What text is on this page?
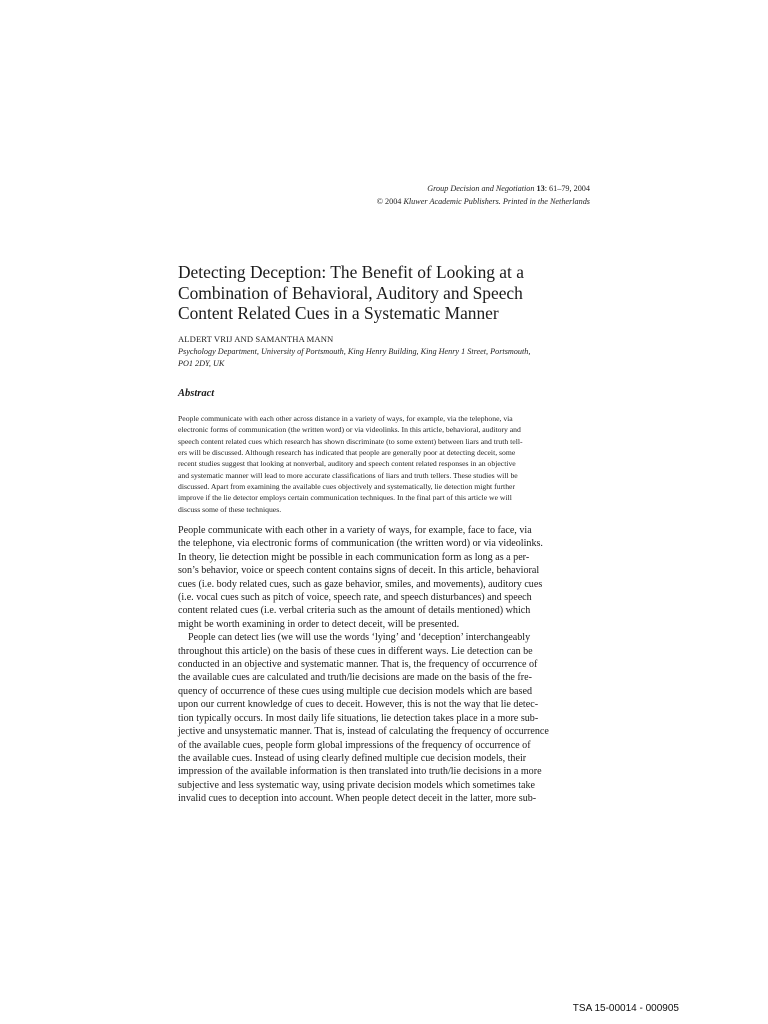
Group Decision and Negotiation 13: 61–79, 2004
© 2004 Kluwer Academic Publishers. Printed in the Netherlands
Detecting Deception: The Benefit of Looking at a
Combination of Behavioral, Auditory and Speech
Content Related Cues in a Systematic Manner
ALDERT VRIJ AND SAMANTHA MANN
Psychology Department, University of Portsmouth, King Henry Building, King Henry 1 Street, Portsmouth,
PO1 2DY, UK
Abstract
People communicate with each other across distance in a variety of ways, for example, via the telephone, via
electronic forms of communication (the written word) or via videolinks. In this article, behavioral, auditory and
speech content related cues which research has shown discriminate (to some extent) between liars and truth tell-
ers will be discussed. Although research has indicated that people are generally poor at detecting deceit, some
recent studies suggest that looking at nonverbal, auditory and speech content related responses in an objective
and systematic manner will lead to more accurate classifications of liars and truth tellers. These studies will be
discussed. Apart from examining the available cues objectively and systematically, lie detection might further
improve if the lie detector employs certain communication techniques. In the final part of this article we will
discuss some of these techniques.
People communicate with each other in a variety of ways, for example, face to face, via
the telephone, via electronic forms of communication (the written word) or via videolinks.
In theory, lie detection might be possible in each communication form as long as a per-
son’s behavior, voice or speech content contains signs of deceit. In this article, behavioral
cues (i.e. body related cues, such as gaze behavior, smiles, and movements), auditory cues
(i.e. vocal cues such as pitch of voice, speech rate, and speech disturbances) and speech
content related cues (i.e. verbal criteria such as the amount of details mentioned) which
might be worth examining in order to detect deceit, will be presented.
People can detect lies (we will use the words ‘lying’ and ‘deception’ interchangeably
throughout this article) on the basis of these cues in different ways. Lie detection can be
conducted in an objective and systematic manner. That is, the frequency of occurrence of
the available cues are calculated and truth/lie decisions are made on the basis of the fre-
quency of occurrence of these cues using multiple cue decision models which are based
upon our current knowledge of cues to deceit. However, this is not the way that lie detec-
tion typically occurs. In most daily life situations, lie detection takes place in a more sub-
jective and unsystematic manner. That is, instead of calculating the frequency of occurrence
of the available cues, people form global impressions of the frequency of occurrence of
the available cues. Instead of using clearly defined multiple cue decision models, their
impression of the available information is then translated into truth/lie decisions in a more
subjective and less systematic way, using private decision models which sometimes take
invalid cues to deception into account. When people detect deceit in the latter, more sub-
TSA 15-00014 - 000905
